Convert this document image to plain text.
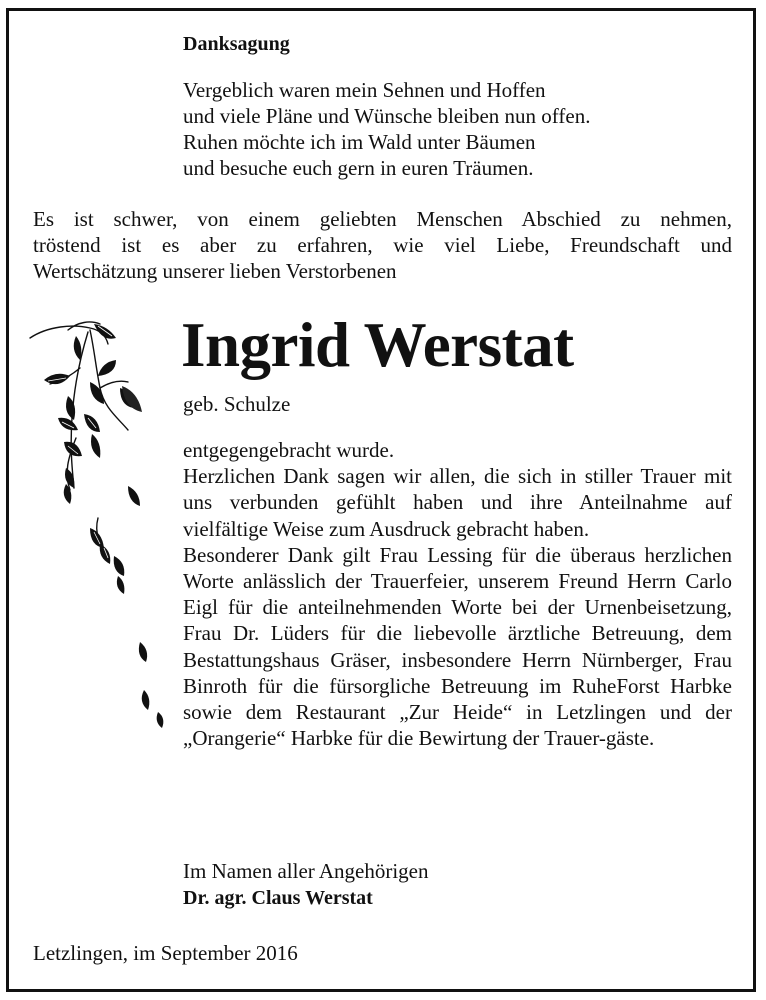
Danksagung
Vergeblich waren mein Sehnen und Hoffen
und viele Pläne und Wünsche bleiben nun offen.
Ruhen möchte ich im Wald unter Bäumen
und besuche euch gern in euren Träumen.
Es ist schwer, von einem geliebten Menschen Abschied zu nehmen,
tröstend ist es aber zu erfahren, wie viel Liebe, Freundschaft und
Wertschätzung unserer lieben Verstorbenen
Ingrid Werstat
geb. Schulze

entgegengebracht wurde.

Herzlichen Dank sagen wir allen, die sich in stiller Trauer mit uns verbunden gefühlt haben und ihre Anteilnahme auf vielfältige Weise zum Ausdruck gebracht haben.

Besonderer Dank gilt Frau Lessing für die überaus herzlichen Worte anlässlich der Trauerfeier, unserem Freund Herrn Carlo Eigl für die anteilnehmenden Worte bei der Urnenbeisetzung, Frau Dr. Lüders für die liebevolle ärztliche Betreuung, dem Bestattungshaus Gräser, insbesondere Herrn Nürnberger, Frau Binroth für die fürsorgliche Betreuung im RuheForst Harbke sowie dem Restaurant „Zur Heide“ in Letzlingen und der „Orangerie“ Harbke für die Bewirtung der Trauer-gäste.

Im Namen aller Angehörigen
Dr. agr. Claus Werstat
Letzlingen, im September 2016
